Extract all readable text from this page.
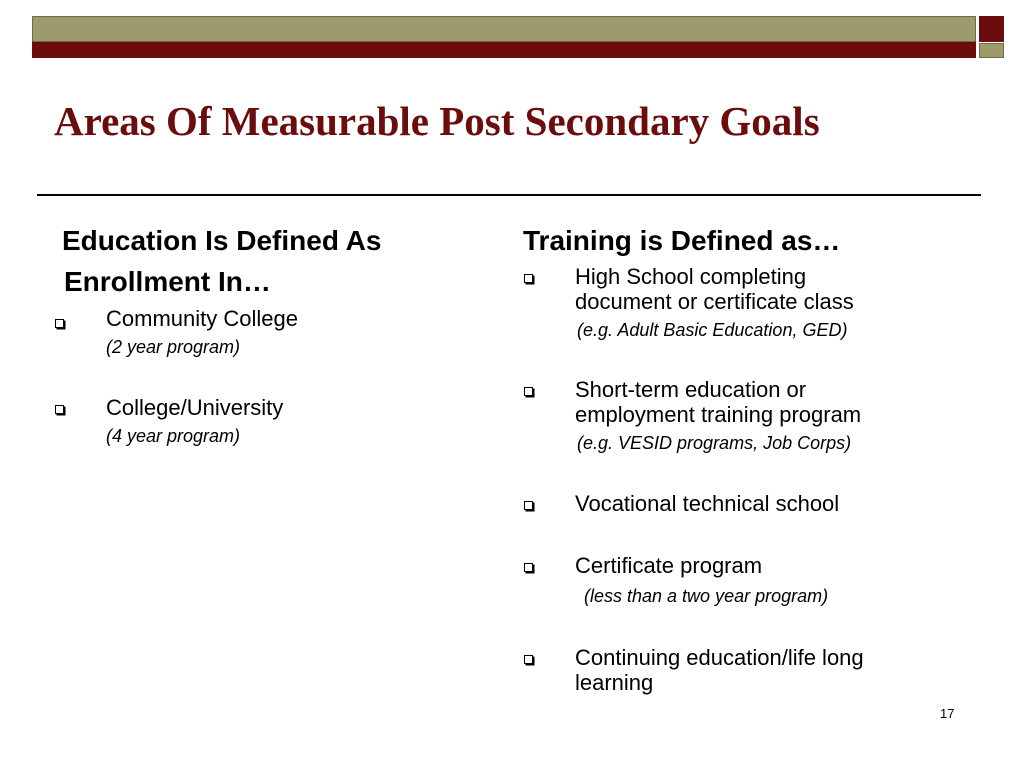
Areas Of Measurable Post Secondary Goals

Education Is Defined As

Enrollment In…

Community College

(2 year program)

College/University

(4 year program)

Training is Defined as…

High School completing

document or certificate class

(e.g. Adult Basic Education, GED)

Short-term education or

employment training program

(e.g. VESID programs, Job Corps)

Vocational technical school

Certificate program

(less than a two year program)

Continuing education/life long

learning

17
